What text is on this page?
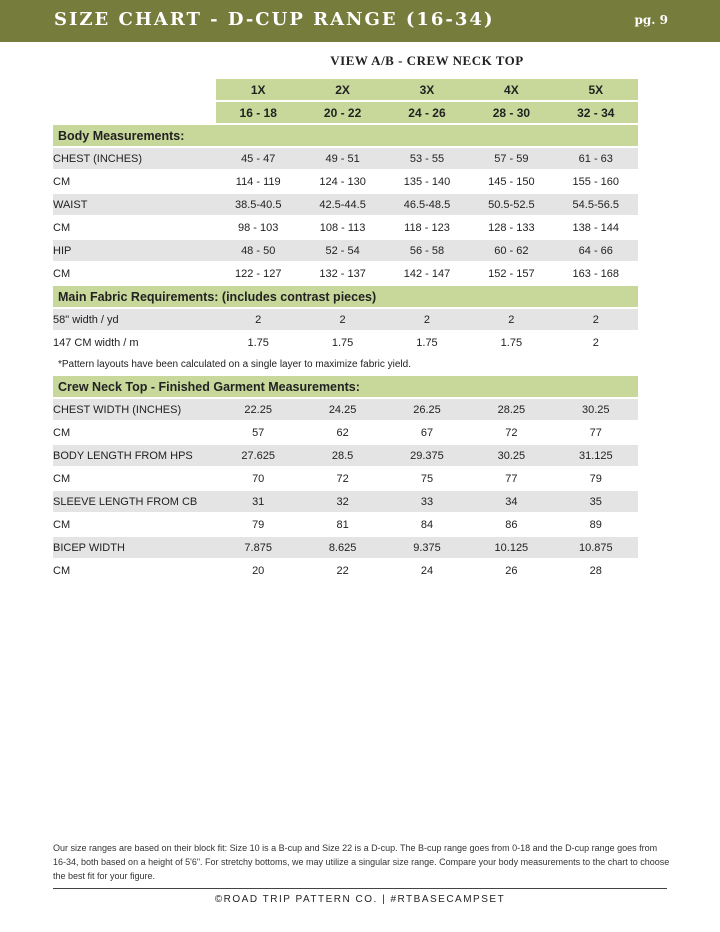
SIZE CHART - D-CUP RANGE (16-34)	pg. 9
VIEW A/B - CREW NECK TOP
	1X	2X	3X	4X	5X
	16 - 18	20 - 22	24 - 26	28 - 30	32 - 34
Body Measurements:					
CHEST (INCHES)	45 - 47	49 - 51	53 - 55	57 - 59	61 - 63
CM	114 - 119	124 - 130	135 - 140	145 - 150	155 - 160
WAIST	38.5-40.5	42.5-44.5	46.5-48.5	50.5-52.5	54.5-56.5
CM	98 - 103	108 - 113	118 - 123	128 - 133	138 - 144
HIP	48 - 50	52 - 54	56 - 58	60 - 62	64 - 66
CM	122 - 127	132 - 137	142 - 147	152 - 157	163 - 168
Main Fabric Requirements: (includes contrast pieces)					
58" width / yd	2	2	2	2	2
147 CM width / m	1.75	1.75	1.75	1.75	2
*Pattern layouts have been calculated on a single layer to maximize fabric yield.					
Crew Neck Top - Finished Garment Measurements:					
CHEST WIDTH (INCHES)	22.25	24.25	26.25	28.25	30.25
CM	57	62	67	72	77
BODY LENGTH FROM HPS	27.625	28.5	29.375	30.25	31.125
CM	70	72	75	77	79
SLEEVE LENGTH FROM CB	31	32	33	34	35
CM	79	81	84	86	89
BICEP WIDTH	7.875	8.625	9.375	10.125	10.875
CM	20	22	24	26	28
Our size ranges are based on their block fit: Size 10 is a B-cup and Size 22 is a D-cup. The B-cup range goes from 0-18 and the D-cup range goes from 16-34, both based on a height of 5'6". For stretchy bottoms, we may utilize a singular size range. Compare your body measurements to the chart to choose the best fit for your figure.
©ROAD TRIP PATTERN CO. | #RTBASECAMPSET
